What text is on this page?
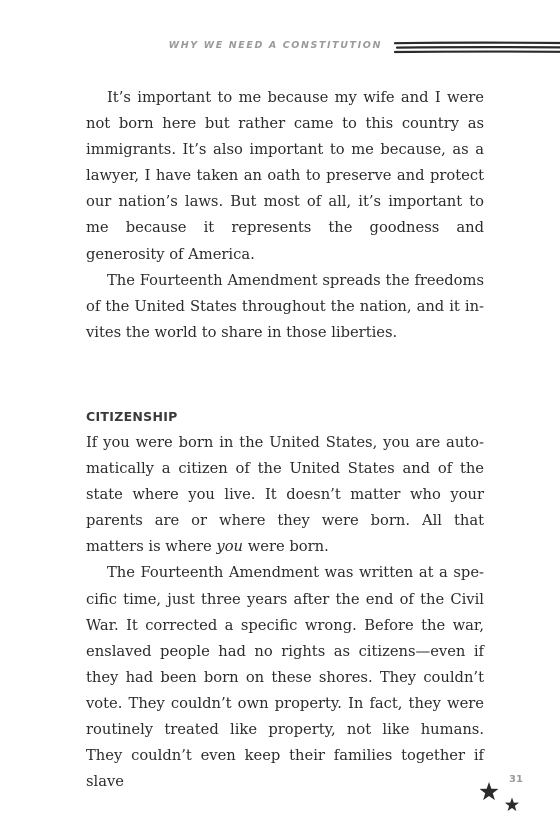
WHY WE NEED A CONSTITUTION

It’s important to me because my wife and I were not born here but rather came to this country as immigrants. It’s also important to me because, as a lawyer, I have taken an oath to preserve and protect our nation’s laws. But most of all, it’s important to me because it represents the goodness and generosity of America.

The Fourteenth Amendment spreads the freedoms of the United States throughout the nation, and it invites the world to share in those liberties.

CITIZENSHIP

If you were born in the United States, you are automatically a citizen of the United States and of the state where you live. It doesn’t matter who your parents are or where they were born. All that matters is where you were born.

The Fourteenth Amendment was written at a specific time, just three years after the end of the Civil War. It corrected a specific wrong. Before the war, enslaved people had no rights as citizens—even if they had been born on these shores. They couldn’t vote. They couldn’t own property. In fact, they were routinely treated like property, not like humans. They couldn’t even keep their families together if slave	31
